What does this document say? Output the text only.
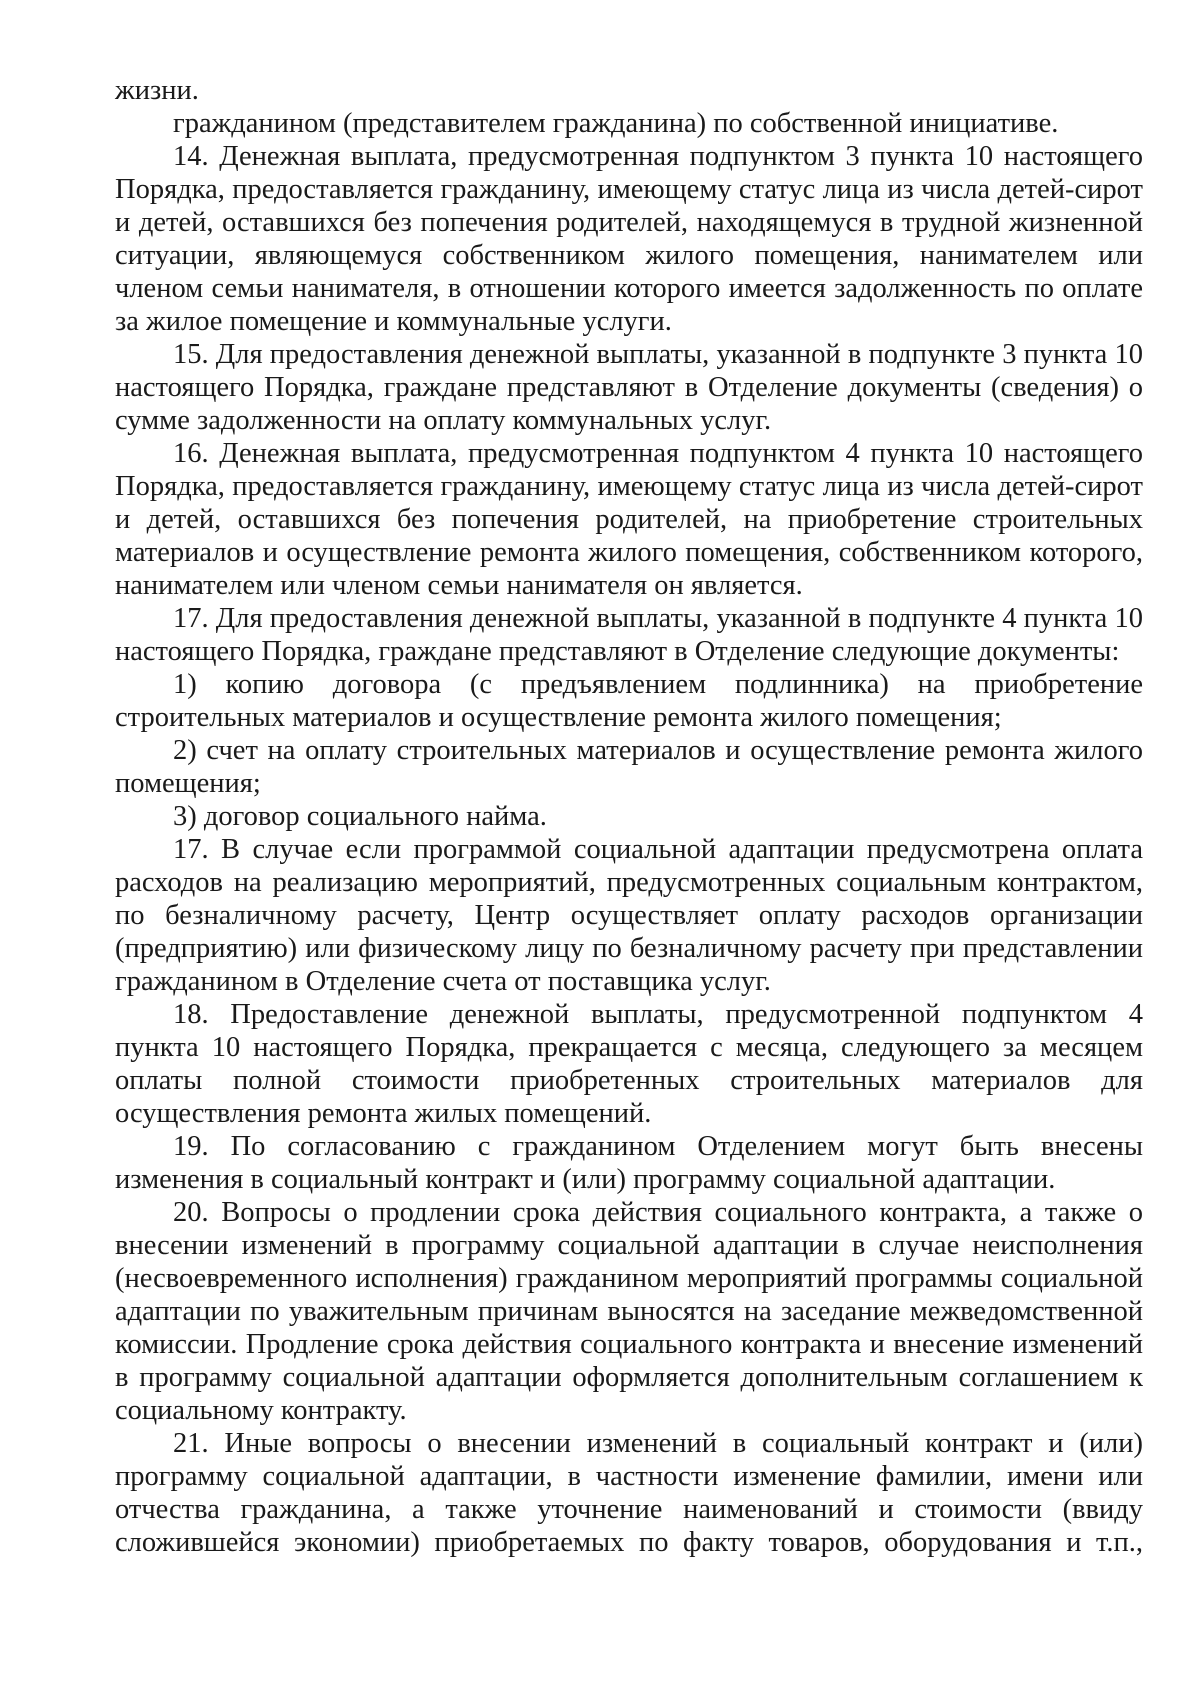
жизни.

гражданином (представителем гражданина) по собственной инициативе.

14. Денежная выплата, предусмотренная подпунктом 3 пункта 10 настоящего Порядка, предоставляется гражданину, имеющему статус лица из числа детей-сирот и детей, оставшихся без попечения родителей, находящемуся в трудной жизненной ситуации, являющемуся собственником жилого помещения, нанимателем или членом семьи нанимателя, в отношении которого имеется задолженность по оплате за жилое помещение и коммунальные услуги.

15. Для предоставления денежной выплаты, указанной в подпункте 3 пункта 10 настоящего Порядка, граждане представляют в Отделение документы (сведения) о сумме задолженности на оплату коммунальных услуг.

16. Денежная выплата, предусмотренная подпунктом 4 пункта 10 настоящего Порядка, предоставляется гражданину, имеющему статус лица из числа детей-сирот и детей, оставшихся без попечения родителей, на приобретение строительных материалов и осуществление ремонта жилого помещения, собственником которого, нанимателем или членом семьи нанимателя он является.

17. Для предоставления денежной выплаты, указанной в подпункте 4 пункта 10 настоящего Порядка, граждане представляют в Отделение следующие документы:

1) копию договора (с предъявлением подлинника) на приобретение строительных материалов и осуществление ремонта жилого помещения;

2) счет на оплату строительных материалов и осуществление ремонта жилого помещения;

3) договор социального найма.

17. В случае если программой социальной адаптации предусмотрена оплата расходов на реализацию мероприятий, предусмотренных социальным контрактом, по безналичному расчету, Центр осуществляет оплату расходов организации (предприятию) или физическому лицу по безналичному расчету при представлении гражданином в Отделение счета от поставщика услуг.

18. Предоставление денежной выплаты, предусмотренной подпунктом 4 пункта 10 настоящего Порядка, прекращается с месяца, следующего за месяцем оплаты полной стоимости приобретенных строительных материалов для осуществления ремонта жилых помещений.

19. По согласованию с гражданином Отделением могут быть внесены изменения в социальный контракт и (или) программу социальной адаптации.

20. Вопросы о продлении срока действия социального контракта, а также о внесении изменений в программу социальной адаптации в случае неисполнения (несвоевременного исполнения) гражданином мероприятий программы социальной адаптации по уважительным причинам выносятся на заседание межведомственной комиссии. Продление срока действия социального контракта и внесение изменений в программу социальной адаптации оформляется дополнительным соглашением к социальному контракту.

21. Иные вопросы о внесении изменений в социальный контракт и (или) программу социальной адаптации, в частности изменение фамилии, имени или отчества гражданина, а также уточнение наименований и стоимости (ввиду сложившейся экономии) приобретаемых по факту товаров, оборудования и т.п.,
